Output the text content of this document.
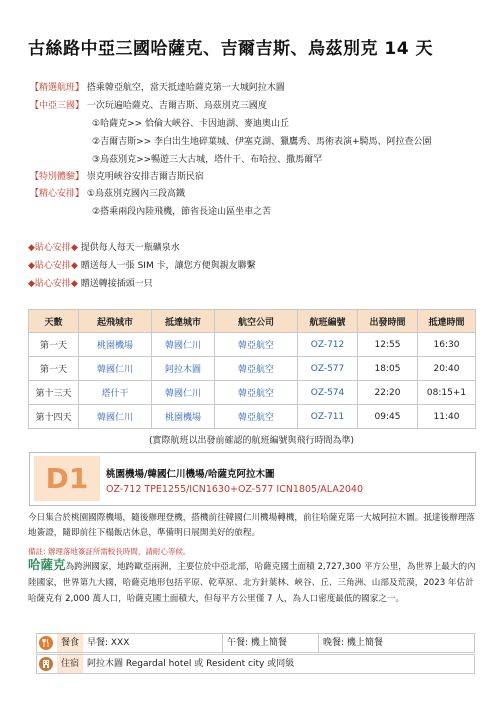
古絲路中亞三國哈薩克、吉爾吉斯、烏茲別克 14 天
【精選航班】 搭乘韓亞航空，當天抵達哈薩克第一大城阿拉木圖
【中亞三國】 一次玩遍哈薩克、吉爾吉斯、烏茲別克三國度
①哈薩克>> 恰倫大峽谷、卡因迪湖、麥迪奧山丘
②吉爾吉斯>> 李白出生地碎葉城、伊塞克湖、獵鷹秀、馬術表演+騎馬、阿拉查公園
③烏茲別克>>暢遊三大古城，塔什干、布哈拉、撒馬爾罕
【特別體驗】 崇克明峽谷安排吉爾吉斯民宿
【精心安排】 ①烏茲別克國內三段高鐵
②搭乘兩段內陸飛機，節省長途山區坐車之苦
◆貼心安排◆ 提供每人每天一瓶礦泉水
◆貼心安排◆ 贈送每人一張 SIM 卡，讓您方便與親友聯繫
◆貼心安排◆ 贈送轉接插頭一只
天數	起飛城市	抵達城市	航空公司	航班編號	出發時間	抵達時間
第一天	桃園機場	韓國仁川	韓亞航空	OZ-712	12:55	16:30
第一天	韓國仁川	阿拉木圖	韓亞航空	OZ-577	18:05	20:40
第十三天	塔什干	韓國仁川	韓亞航空	OZ-574	22:20	08:15+1
第十四天	韓國仁川	桃園機場	韓亞航空	OZ-711	09:45	11:40
(實際航班以出發前確認的航班編號與飛行時間為準)
D1	桃園機場/韓國仁川機場/哈薩克阿拉木圖
OZ-712 TPE1255/ICN1630+OZ-577 ICN1805/ALA2040
今日集合於桃園國際機場，隨後辦理登機，搭機前往韓國仁川機場轉機，前往哈薩克第一大城阿拉木圖。抵達後辦理落地簽證，隨即前往下榻飯店休息，準備明日展開美好的旅程。
備註: 辦理落地簽証所需較長時間，請耐心等候。
哈薩克為跨洲國家，地跨歐亞兩洲，主要位於中亞北部，哈薩克國土面積 2,727,300 平方公里，為世界上最大的內陸國家，世界第九大國，哈薩克地形包括平原、乾草原、北方針葉林、峽谷、丘、三角洲、山部及荒漠，2023 年估計哈薩克有 2,000 萬人口，哈薩克國土面積大，但每平方公里僅 7 人，為人口密度最低的國家之一。
餐食 早餐: XXX	午餐: 機上簡餐	晚餐: 機上簡餐
住宿 阿拉木圖 Regardal hotel 或 Resident city 或同級
